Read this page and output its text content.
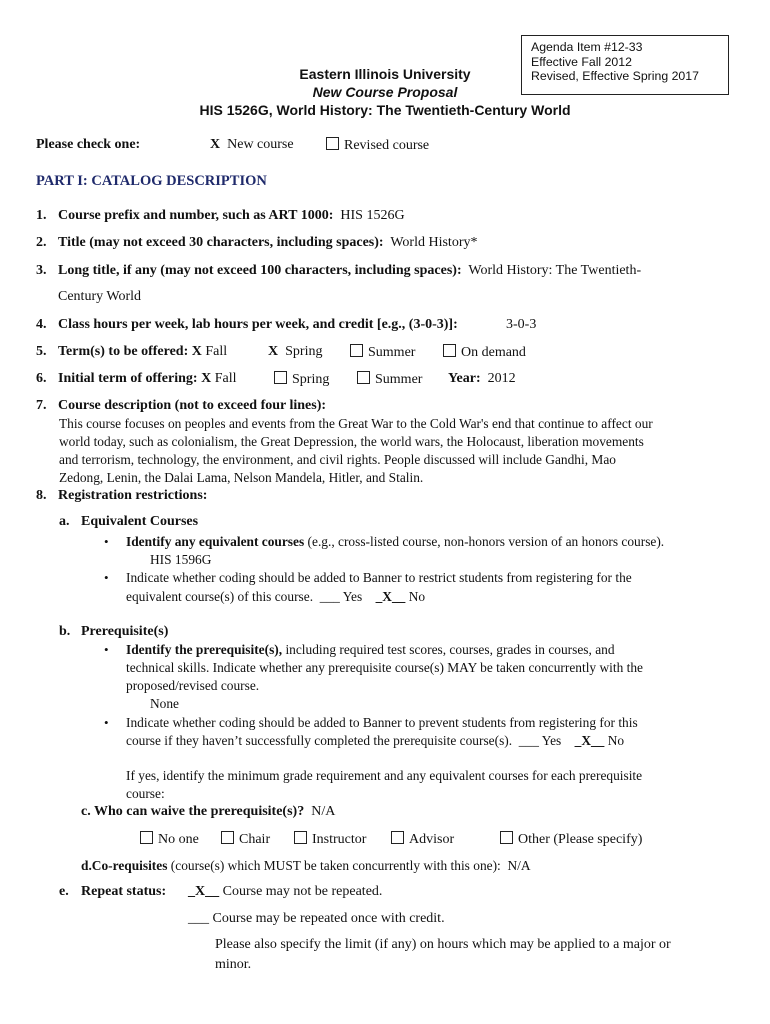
Agenda Item #12-33
Effective Fall 2012
Revised, Effective Spring 2017
Eastern Illinois University
New Course Proposal
HIS 1526G, World History: The Twentieth-Century World
Please check one:	X New course	Revised course
PART I: CATALOG DESCRIPTION
1. Course prefix and number, such as ART 1000: HIS 1526G
2. Title (may not exceed 30 characters, including spaces): World History*
3. Long title, if any (may not exceed 100 characters, including spaces): World History: The Twentieth-
Century World
4. Class hours per week, lab hours per week, and credit [e.g., (3-0-3)]:	3-0-3
5. Term(s) to be offered: X Fall	X Spring	Summer	On demand
6. Initial term of offering: X Fall	Spring	Summer Year: 2012
7. Course description (not to exceed four lines):
This course focuses on peoples and events from the Great War to the Cold War's end that continue to affect our
world today, such as colonialism, the Great Depression, the world wars, the Holocaust, liberation movements
and terrorism, technology, the environment, and civil rights. People discussed will include Gandhi, Mao
Zedong, Lenin, the Dalai Lama, Nelson Mandela, Hitler, and Stalin.
8. Registration restrictions:
a. Equivalent Courses
• Identify any equivalent courses (e.g., cross-listed course, non-honors version of an honors course).
HIS 1596G
• Indicate whether coding should be added to Banner to restrict students from registering for the
equivalent course(s) of this course. ___ Yes _X__ No
b. Prerequisite(s)
• Identify the prerequisite(s), including required test scores, courses, grades in courses, and
technical skills. Indicate whether any prerequisite course(s) MAY be taken concurrently with the
proposed/revised course.
None
• Indicate whether coding should be added to Banner to prevent students from registering for this
course if they haven’t successfully completed the prerequisite course(s). ___ Yes _X__ No
If yes, identify the minimum grade requirement and any equivalent courses for each prerequisite
course:
c. Who can waive the prerequisite(s)? N/A
No one	Chair	Instructor	Advisor	Other (Please specify)
d.Co-requisites (course(s) which MUST be taken concurrently with this one): N/A
e. Repeat status: _X__ Course may not be repeated.
___ Course may be repeated once with credit.
Please also specify the limit (if any) on hours which may be applied to a major or
minor.
